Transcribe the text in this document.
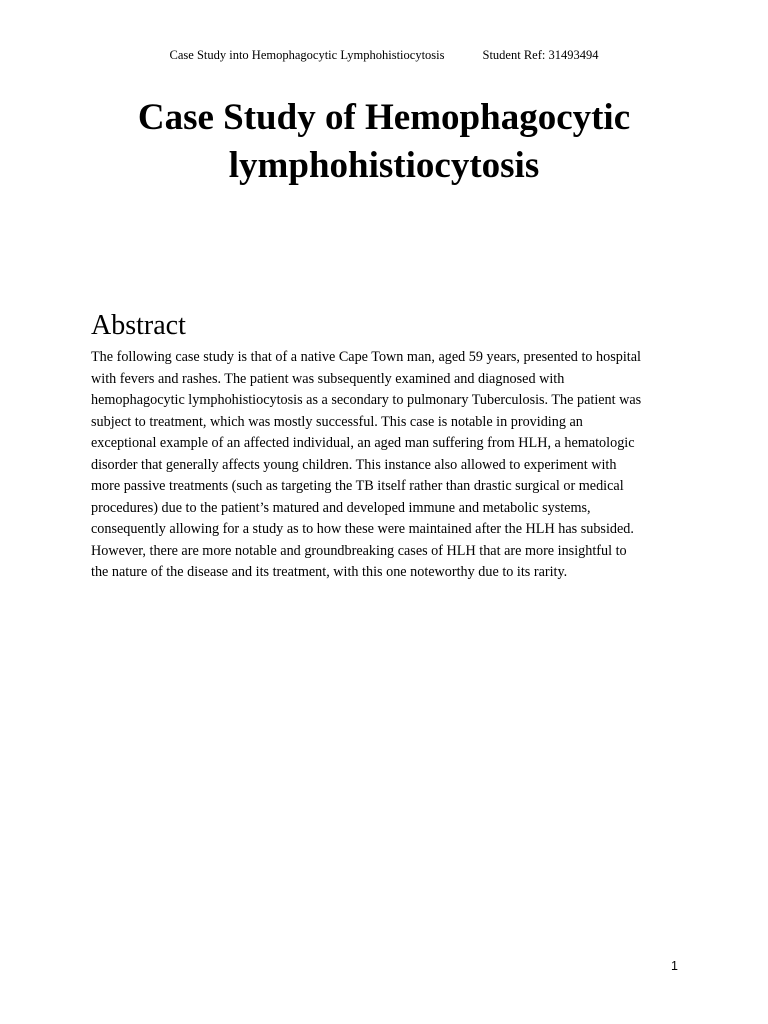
Case Study into Hemophagocytic Lymphohistiocytosis	Student Ref: 31493494
Case Study of Hemophagocytic
lymphohistiocytosis
Abstract

The following case study is that of a native Cape Town man, aged 59 years, presented to hospital
with fevers and rashes. The patient was subsequently examined and diagnosed with
hemophagocytic lymphohistiocytosis as a secondary to pulmonary Tuberculosis. The patient was
subject to treatment, which was mostly successful. This case is notable in providing an
exceptional example of an affected individual, an aged man suffering from HLH, a hematologic
disorder that generally affects young children. This instance also allowed to experiment with
more passive treatments (such as targeting the TB itself rather than drastic surgical or medical
procedures) due to the patient’s matured and developed immune and metabolic systems,
consequently allowing for a study as to how these were maintained after the HLH has subsided.
However, there are more notable and groundbreaking cases of HLH that are more insightful to
the nature of the disease and its treatment, with this one noteworthy due to its rarity.

1
